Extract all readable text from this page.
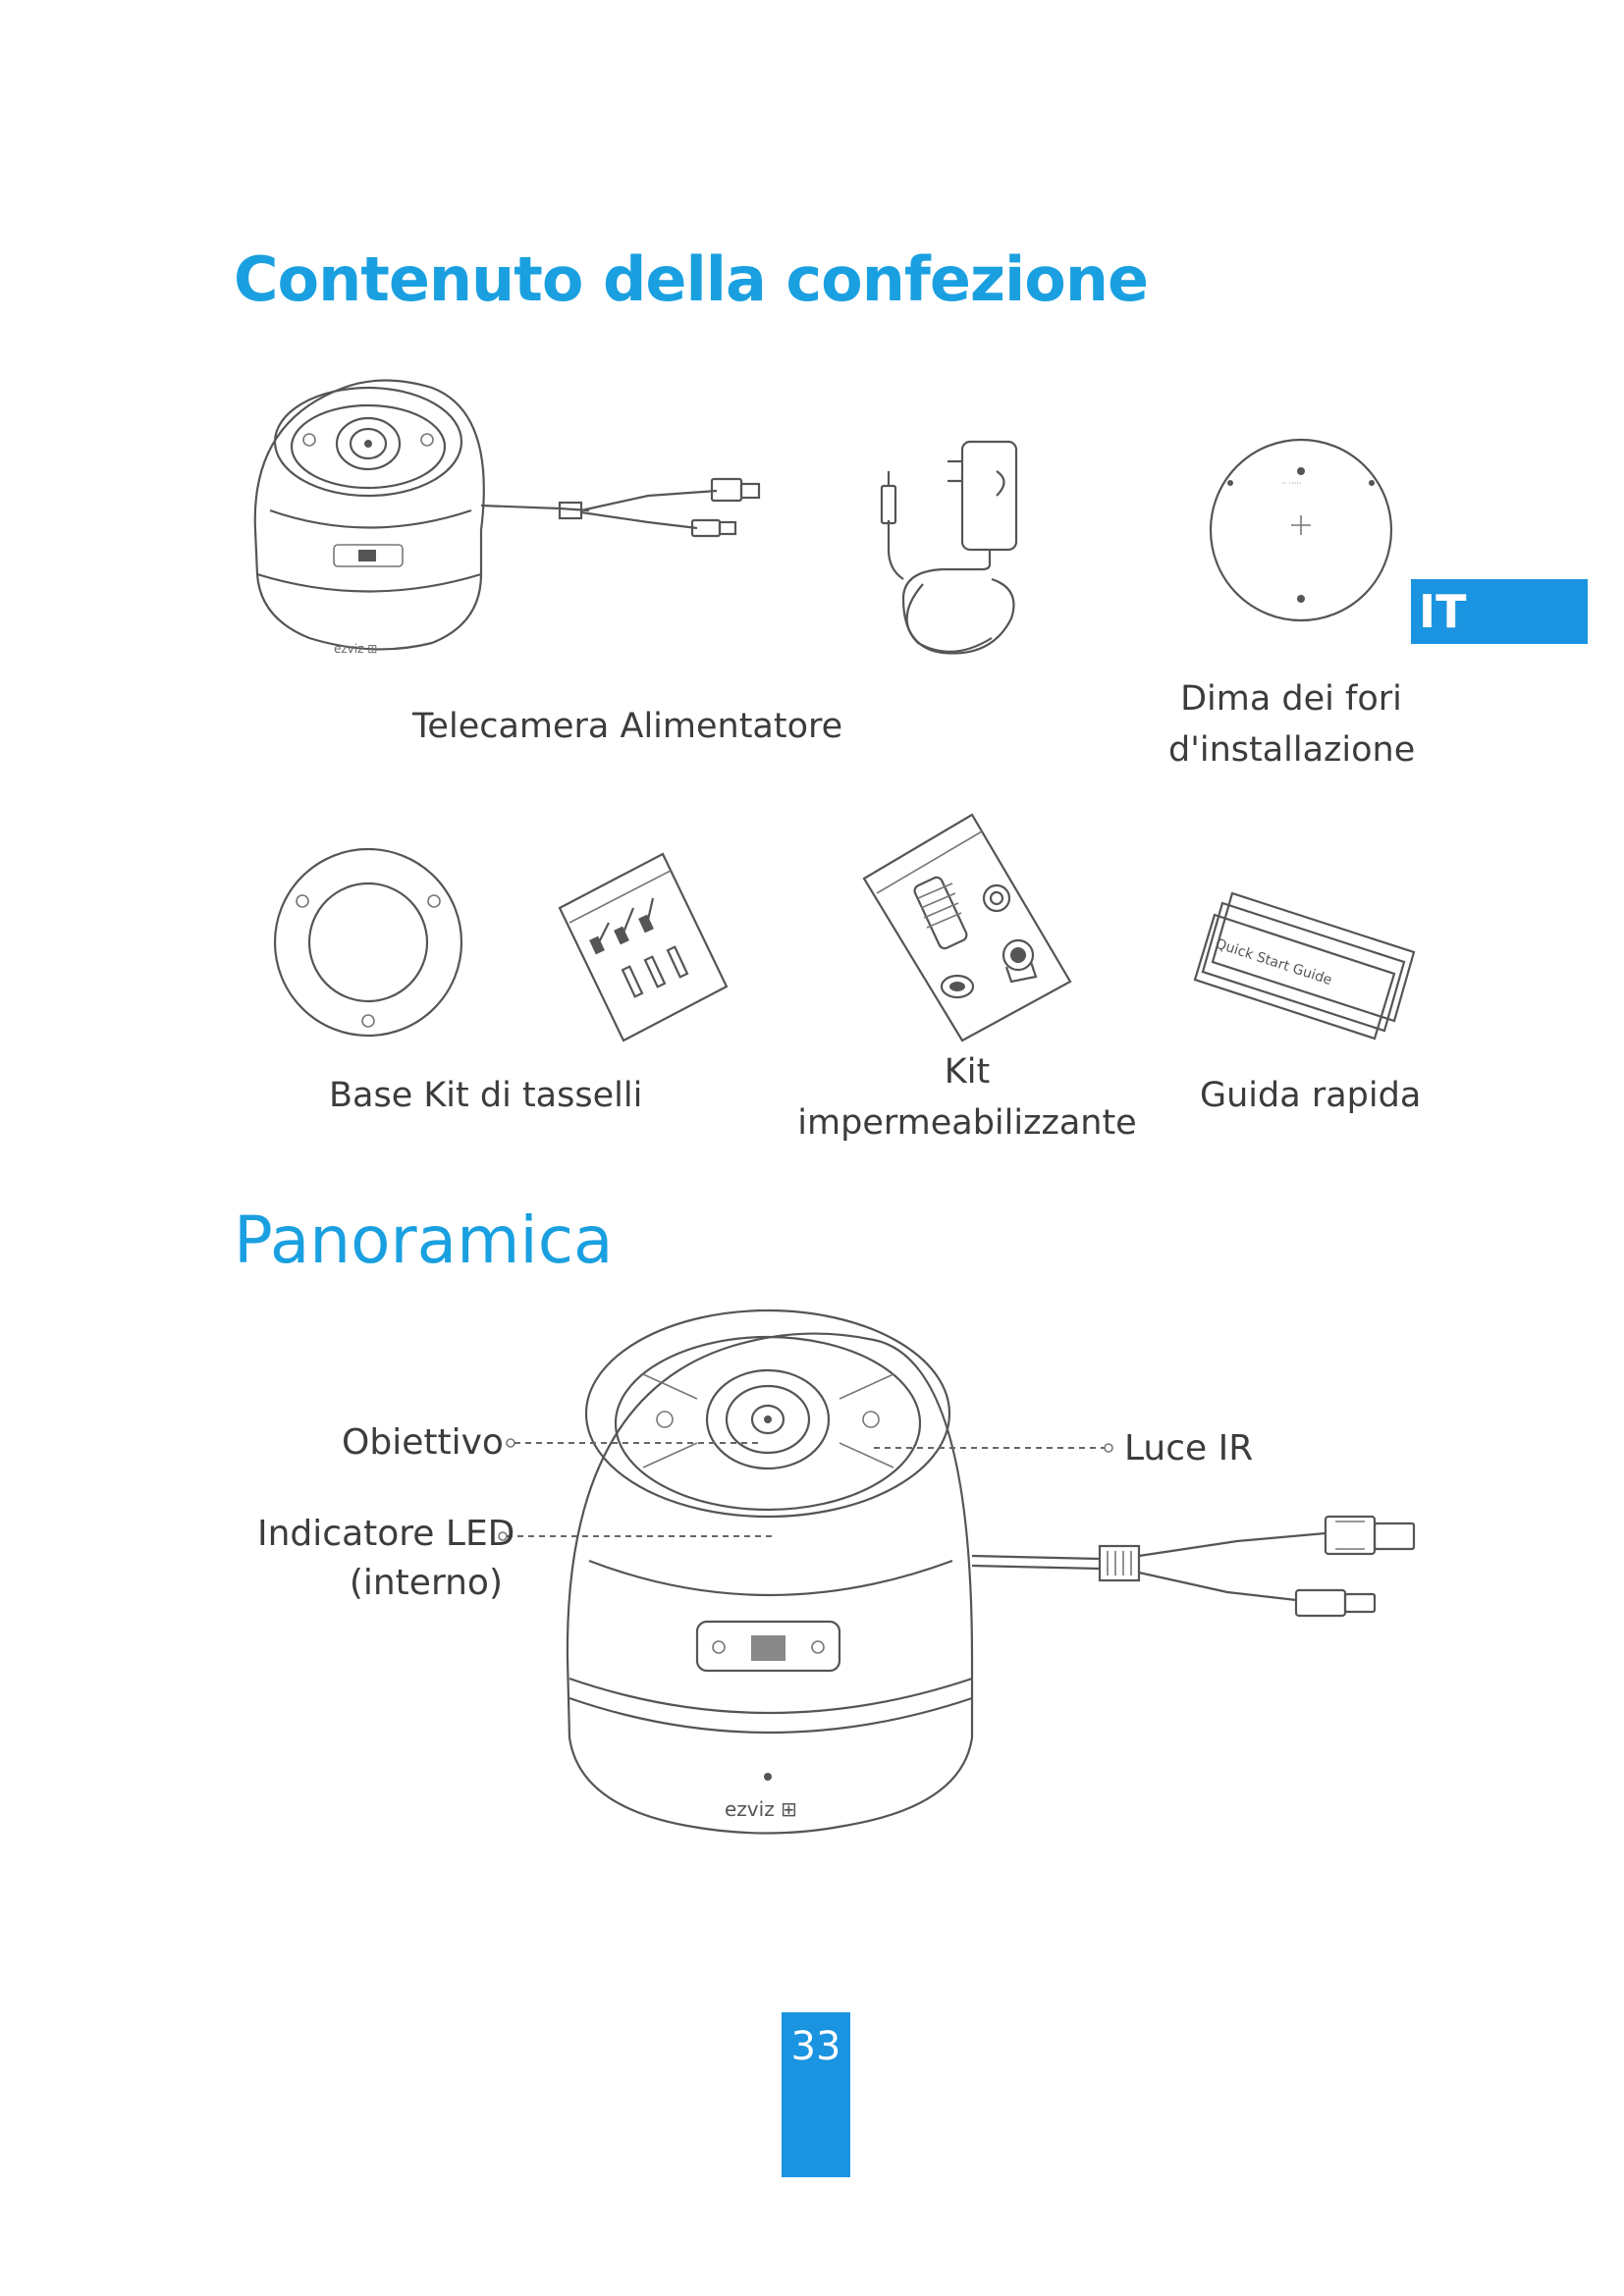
Contenuto della confezione
Panoramica
IT
ezviz ⊞
·· ·····
Quick Start Guide
Telecamera Alimentatore
Dima dei fori
d'installazione
Base Kit di tasselli
Kit
impermeabilizzante
Guida rapida
ezviz ⊞
Obiettivo
Indicatore LED
(interno)
Luce IR
33
